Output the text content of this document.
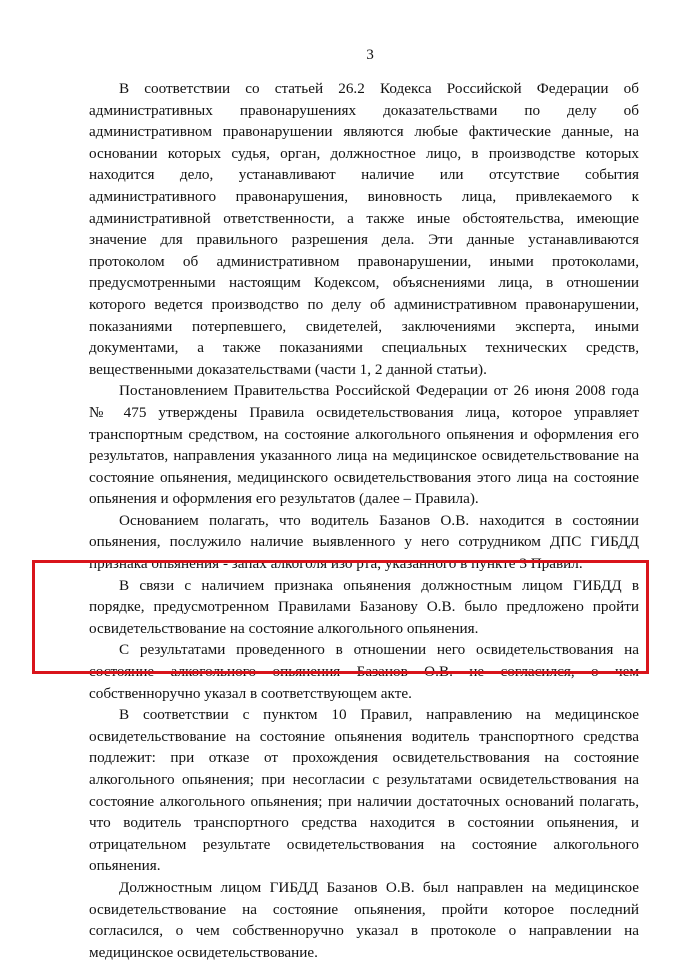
3

В соответствии со статьей 26.2 Кодекса Российской Федерации об административных правонарушениях доказательствами по делу об административном правонарушении являются любые фактические данные, на основании которых судья, орган, должностное лицо, в производстве которых находится дело, устанавливают наличие или отсутствие события административного правонарушения, виновность лица, привлекаемого к административной ответственности, а также иные обстоятельства, имеющие значение для правильного разрешения дела. Эти данные устанавливаются протоколом об административном правонарушении, иными протоколами, предусмотренными настоящим Кодексом, объяснениями лица, в отношении которого ведется производство по делу об административном правонарушении, показаниями потерпевшего, свидетелей, заключениями эксперта, иными документами, а также показаниями специальных технических средств, вещественными доказательствами (части 1, 2 данной статьи).

Постановлением Правительства Российской Федерации от 26 июня 2008 года № 475 утверждены Правила освидетельствования лица, которое управляет транспортным средством, на состояние алкогольного опьянения и оформления его результатов, направления указанного лица на медицинское освидетельствование на состояние опьянения, медицинского освидетельствования этого лица на состояние опьянения и оформления его результатов (далее – Правила).

Основанием полагать, что водитель Базанов О.В. находится в состоянии опьянения, послужило наличие выявленного у него сотрудником ДПС ГИБДД признака опьянения - запах алкоголя изо рта, указанного в пункте 3 Правил.

В связи с наличием признака опьянения должностным лицом ГИБДД в порядке, предусмотренном Правилами Базанову О.В. было предложено пройти освидетельствование на состояние алкогольного опьянения.

С результатами проведенного в отношении него освидетельствования на состояние алкогольного опьянения Базанов О.В. не согласился, о чем собственноручно указал в соответствующем акте.

В соответствии с пунктом 10 Правил, направлению на медицинское освидетельствование на состояние опьянения водитель транспортного средства подлежит: при отказе от прохождения освидетельствования на состояние алкогольного опьянения; при несогласии с результатами освидетельствования на состояние алкогольного опьянения; при наличии достаточных оснований полагать, что водитель транспортного средства находится в состоянии опьянения, и отрицательном результате освидетельствования на состояние алкогольного опьянения.

Должностным лицом ГИБДД Базанов О.В. был направлен на медицинское освидетельствование на состояние опьянения, пройти которое последний согласился, о чем собственноручно указал в протоколе о направлении на медицинское освидетельствование.
